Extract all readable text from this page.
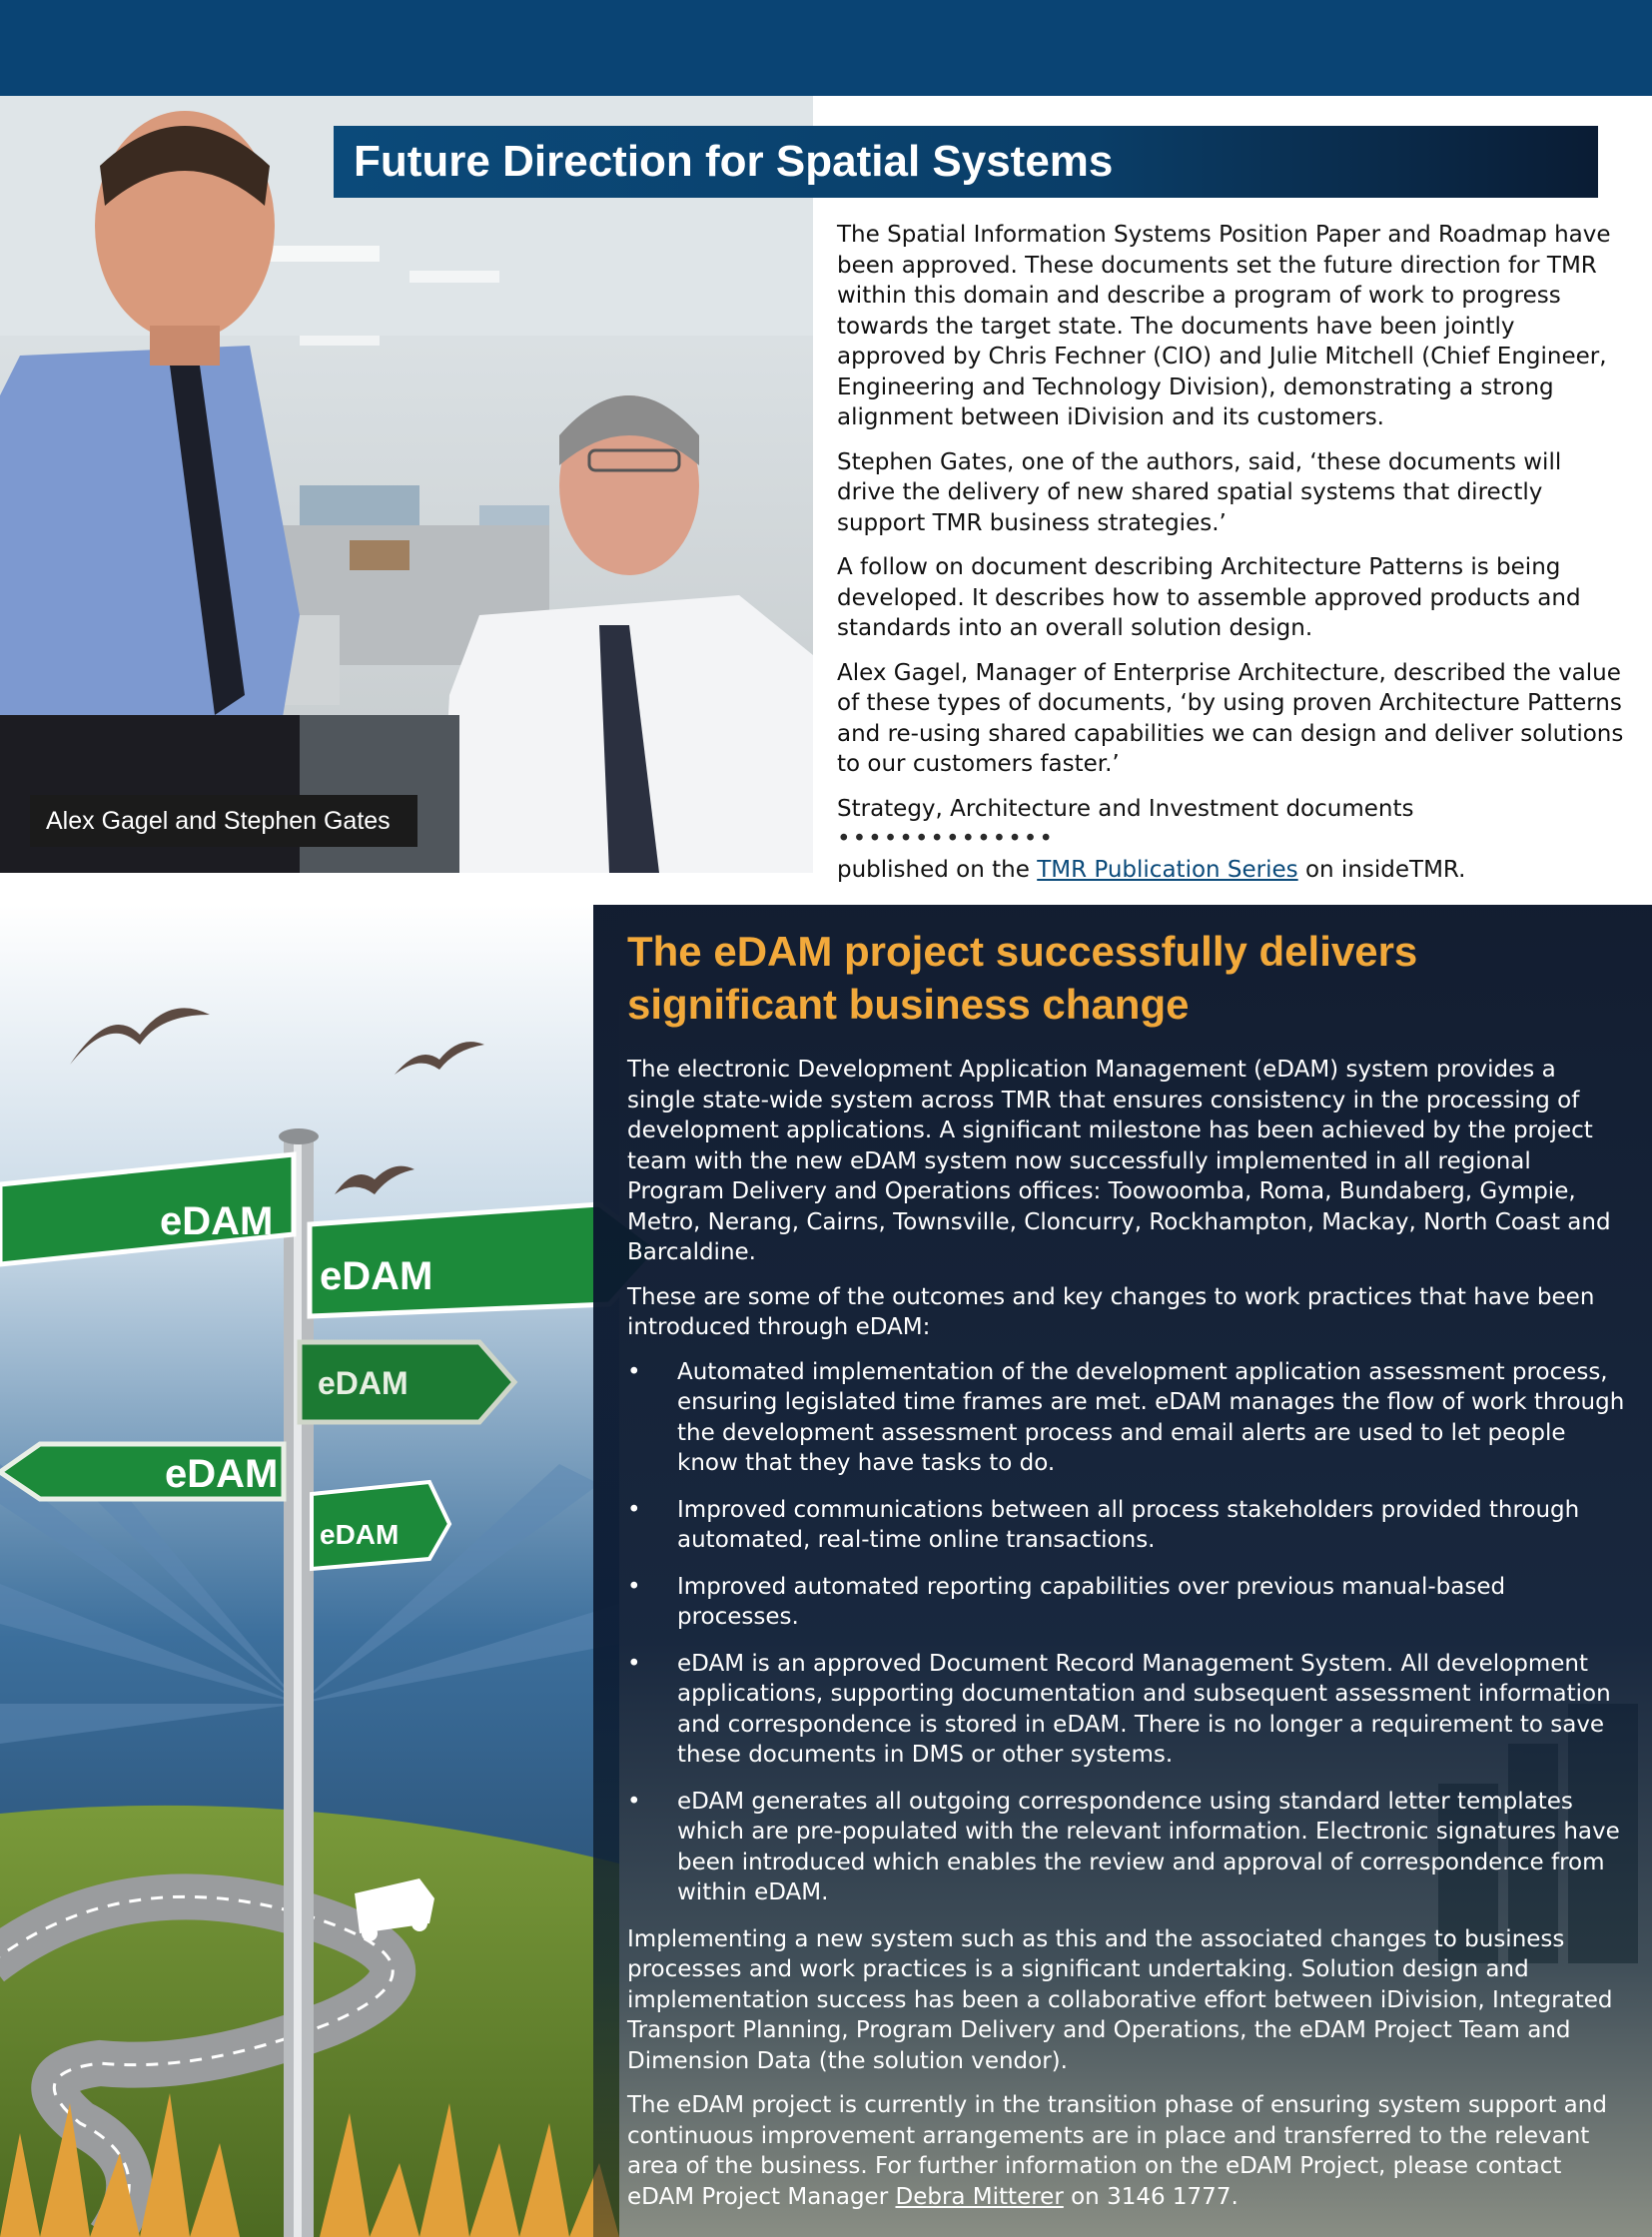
Alex Gagel and Stephen Gates
Future Direction for Spatial Systems

The Spatial Information Systems Position Paper and Roadmap have been approved. These documents set the future direction for TMR within this domain and describe a program of work to progress towards the target state. The documents have been jointly approved by Chris Fechner (CIO) and Julie Mitchell (Chief Engineer, Engineering and Technology Division), demonstrating a strong alignment between iDivision and its customers.

Stephen Gates, one of the authors, said, ‘these documents will drive the delivery of new shared spatial systems that directly support TMR business strategies.’

A follow on document describing Architecture Patterns is being developed. It describes how to assemble approved products and standards into an overall solution design.

Alex Gagel, Manager of Enterprise Architecture, described the value of these types of documents, ‘by using proven Architecture Patterns and re-using shared capabilities we can design and deliver solutions to our customers faster.’

Strategy, Architecture and Investment documents ••••••••••••••
published on the TMR Publication Series on insideTMR.

eDAM
eDAM
eDAM
eDAM
eDAM
The eDAM project successfully delivers significant business change

The electronic Development Application Management (eDAM) system provides a single state-wide system across TMR that ensures consistency in the processing of development applications. A significant milestone has been achieved by the project team with the new eDAM system now successfully implemented in all regional Program Delivery and Operations offices: Toowoomba, Roma, Bundaberg, Gympie, Metro, Nerang, Cairns, Townsville, Cloncurry, Rockhampton, Mackay, North Coast and Barcaldine.

These are some of the outcomes and key changes to work practices that have been introduced through eDAM:

• Automated implementation of the development application assessment process, ensuring legislated time frames are met. eDAM manages the flow of work through the development assessment process and email alerts are used to let people know that they have tasks to do.
• Improved communications between all process stakeholders provided through automated, real-time online transactions.
• Improved automated reporting capabilities over previous manual-based processes.
• eDAM is an approved Document Record Management System. All development applications, supporting documentation and subsequent assessment information and correspondence is stored in eDAM. There is no longer a requirement to save these documents in DMS or other systems.
• eDAM generates all outgoing correspondence using standard letter templates which are pre-populated with the relevant information. Electronic signatures have been introduced which enables the review and approval of correspondence from within eDAM.

Implementing a new system such as this and the associated changes to business processes and work practices is a significant undertaking. Solution design and implementation success has been a collaborative effort between iDivision, Integrated Transport Planning, Program Delivery and Operations, the eDAM Project Team and Dimension Data (the solution vendor).

The eDAM project is currently in the transition phase of ensuring system support and continuous improvement arrangements are in place and transferred to the relevant area of the business. For further information on the eDAM Project, please contact eDAM Project Manager Debra Mitterer on 3146 1777.
